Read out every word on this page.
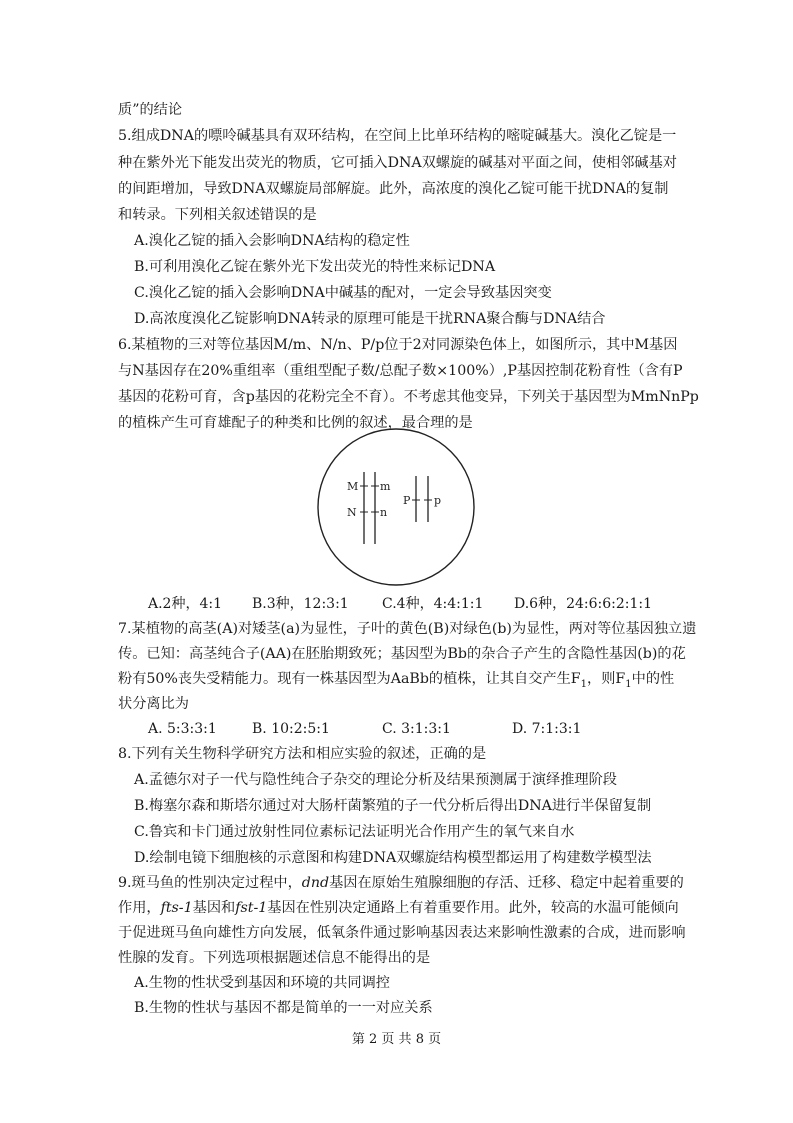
质”的结论
5.组成DNA的嘌呤碱基具有双环结构，在空间上比单环结构的嘧啶碱基大。溴化乙锭是一
种在紫外光下能发出荧光的物质，它可插入DNA双螺旋的碱基对平面之间，使相邻碱基对
的间距增加，导致DNA双螺旋局部解旋。此外，高浓度的溴化乙锭可能干扰DNA的复制
和转录。下列相关叙述错误的是
A.溴化乙锭的插入会影响DNA结构的稳定性
B.可利用溴化乙锭在紫外光下发出荧光的特性来标记DNA
C.溴化乙锭的插入会影响DNA中碱基的配对，一定会导致基因突变
D.高浓度溴化乙锭影响DNA转录的原理可能是干扰RNA聚合酶与DNA结合
6.某植物的三对等位基因M/m、N/n、P/p位于2对同源染色体上，如图所示，其中M基因
与N基因存在20%重组率（重组型配子数/总配子数×100%）,P基因控制花粉育性（含有P
基因的花粉可育，含p基因的花粉完全不育）。不考虑其他变异，下列关于基因型为MmNnPp
的植株产生可育雄配子的种类和比例的叙述，最合理的是
M m
N n
P p
A.2种，4:1 B.3种，12:3:1 C.4种，4:4:1:1 D.6种，24:6:6:2:1:1
7.某植物的高茎(A)对矮茎(a)为显性，子叶的黄色(B)对绿色(b)为显性，两对等位基因独立遗
传。已知：高茎纯合子(AA)在胚胎期致死；基因型为Bb的杂合子产生的含隐性基因(b)的花
粉有50%丧失受精能力。现有一株基因型为AaBb的植株，让其自交产生$F_1$，则$F_1$中的性
状分离比为
A. 5:3:3:1	B. 10:2:5:1	C. 3:1:3:1	D. 7:1:3:1
8.下列有关生物科学研究方法和相应实验的叙述，正确的是
A.孟德尔对子一代与隐性纯合子杂交的理论分析及结果预测属于演绎推理阶段
B.梅塞尔森和斯塔尔通过对大肠杆菌繁殖的子一代分析后得出DNA进行半保留复制
C.鲁宾和卡门通过放射性同位素标记法证明光合作用产生的氧气来自水
D.绘制电镜下细胞核的示意图和构建DNA双螺旋结构模型都运用了构建数学模型法
9.斑马鱼的性别决定过程中，dnd基因在原始生殖腺细胞的存活、迁移、稳定中起着重要的
作用，fts-1基因和fst-1基因在性别决定通路上有着重要作用。此外，较高的水温可能倾向
于促进斑马鱼向雄性方向发展，低氧条件通过影响基因表达来影响性激素的合成，进而影响
性腺的发育。下列选项根据题述信息不能得出的是
A.生物的性状受到基因和环境的共同调控
B.生物的性状与基因不都是简单的一一对应关系
第 2 页 共 8 页
